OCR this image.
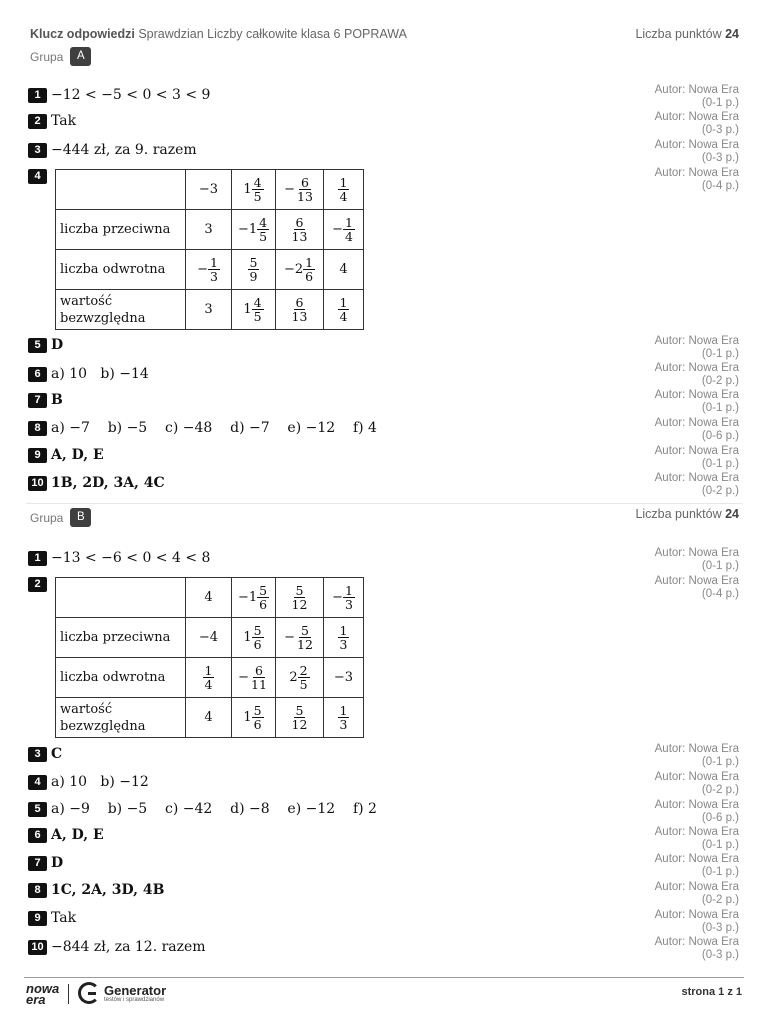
Klucz odpowiedzi Sprawdzian Liczby całkowite klasa 6 POPRAWA	Liczba punktów 24
Grupa	A
1 −12 < −5 < 0 < 3 < 9
2 Tak
3 −444 zł, za 9. razem
4
	−3	$1 \frac{4}{5}$	− $\frac{6}{13}$	$\frac{1}{4}$

liczba przeciwna	3	$-1 \frac{4}{5}$	$\frac{6}{13}$	− $\frac{1}{4}$

liczba odwrotna	− $\frac{1}{3}$	$\frac{5}{9}$	$-2 \frac{1}{6}$	4
wartość
bezwzględna	3	$1 \frac{4}{5}$	$\frac{6}{13}$	$\frac{1}{4}$
5 D
6 a) 10   b) −14
7 B
8 a) −7    b) −5    c) −48    d) −7    e) −12    f) 4
9 A, D, E
10 1B, 2D, 3A, 4C
Autor: Nowa Era
(0-1 p.)
Autor: Nowa Era
(0-3 p.)
Autor: Nowa Era
(0-3 p.)
Autor: Nowa Era
(0-4 p.)
Autor: Nowa Era
(0-1 p.)
Autor: Nowa Era
(0-2 p.)
Autor: Nowa Era
(0-1 p.)
Autor: Nowa Era
(0-6 p.)
Autor: Nowa Era
(0-1 p.)
Autor: Nowa Era
(0-2 p.)
Grupa	B	Liczba punktów 24
1 −13 < −6 < 0 < 4 < 8
2
	4	$-1 \frac{5}{6}$	$\frac{5}{12}$	− $\frac{1}{3}$

liczba przeciwna	−4	$1 \frac{5}{6}$	− $\frac{5}{12}$	$\frac{1}{3}$

liczba odwrotna	$\frac{1}{4}$	− $\frac{6}{11}$	$2 \frac{2}{5}$	−3
wartość
bezwzględna	4	$1 \frac{5}{6}$	$\frac{5}{12}$	$\frac{1}{3}$
3 C
4 a) 10   b) −12
5 a) −9    b) −5    c) −42    d) −8    e) −12    f) 2
6 A, D, E
7 D
8 1C, 2A, 3D, 4B
9 Tak
10 −844 zł, za 12. razem
Autor: Nowa Era
(0-1 p.)
Autor: Nowa Era
(0-4 p.)
Autor: Nowa Era
(0-1 p.)
Autor: Nowa Era
(0-2 p.)
Autor: Nowa Era
(0-6 p.)
Autor: Nowa Era
(0-1 p.)
Autor: Nowa Era
(0-1 p.)
Autor: Nowa Era
(0-2 p.)
Autor: Nowa Era
(0-3 p.)
Autor: Nowa Era
(0-3 p.)
nowa
era
Generator
testów i sprawdzianów
strona 1 z 1
